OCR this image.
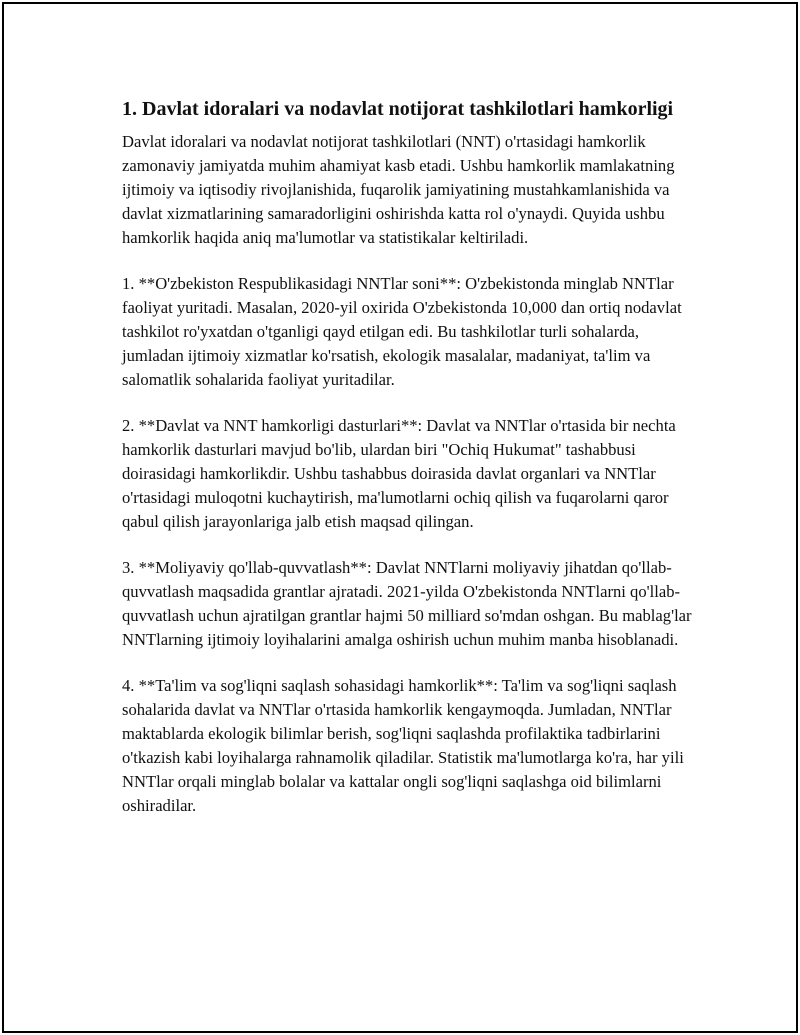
1. Davlat idoralari va nodavlat notijorat tashkilotlari hamkorligi

Davlat idoralari va nodavlat notijorat tashkilotlari (NNT) o'rtasidagi hamkorlik zamonaviy jamiyatda muhim ahamiyat kasb etadi. Ushbu hamkorlik mamlakatning ijtimoiy va iqtisodiy rivojlanishida, fuqarolik jamiyatining mustahkamlanishida va davlat xizmatlarining samaradorligini oshirishda katta rol o'ynaydi. Quyida ushbu hamkorlik haqida aniq ma'lumotlar va statistikalar keltiriladi.

1. **O'zbekiston Respublikasidagi NNTlar soni**: O'zbekistonda minglab NNTlar faoliyat yuritadi. Masalan, 2020-yil oxirida O'zbekistonda 10,000 dan ortiq nodavlat tashkilot ro'yxatdan o'tganligi qayd etilgan edi. Bu tashkilotlar turli sohalarda, jumladan ijtimoiy xizmatlar ko'rsatish, ekologik masalalar, madaniyat, ta'lim va salomatlik sohalarida faoliyat yuritadilar.

2. **Davlat va NNT hamkorligi dasturlari**: Davlat va NNTlar o'rtasida bir nechta hamkorlik dasturlari mavjud bo'lib, ulardan biri "Ochiq Hukumat" tashabbusi doirasidagi hamkorlikdir. Ushbu tashabbus doirasida davlat organlari va NNTlar o'rtasidagi muloqotni kuchaytirish, ma'lumotlarni ochiq qilish va fuqarolarni qaror qabul qilish jarayonlariga jalb etish maqsad qilingan.

3. **Moliyaviy qo'llab-quvvatlash**: Davlat NNTlarni moliyaviy jihatdan qo'llab-quvvatlash maqsadida grantlar ajratadi. 2021-yilda O'zbekistonda NNTlarni qo'llab-quvvatlash uchun ajratilgan grantlar hajmi 50 milliard so'mdan oshgan. Bu mablag'lar NNTlarning ijtimoiy loyihalarini amalga oshirish uchun muhim manba hisoblanadi.

4. **Ta'lim va sog'liqni saqlash sohasidagi hamkorlik**: Ta'lim va sog'liqni saqlash sohalarida davlat va NNTlar o'rtasida hamkorlik kengaymoqda. Jumladan, NNTlar maktablarda ekologik bilimlar berish, sog'liqni saqlashda profilaktika tadbirlarini o'tkazish kabi loyihalarga rahnamolik qiladilar. Statistik ma'lumotlarga ko'ra, har yili NNTlar orqali minglab bolalar va kattalar ongli sog'liqni saqlashga oid bilimlarni oshiradilar.
